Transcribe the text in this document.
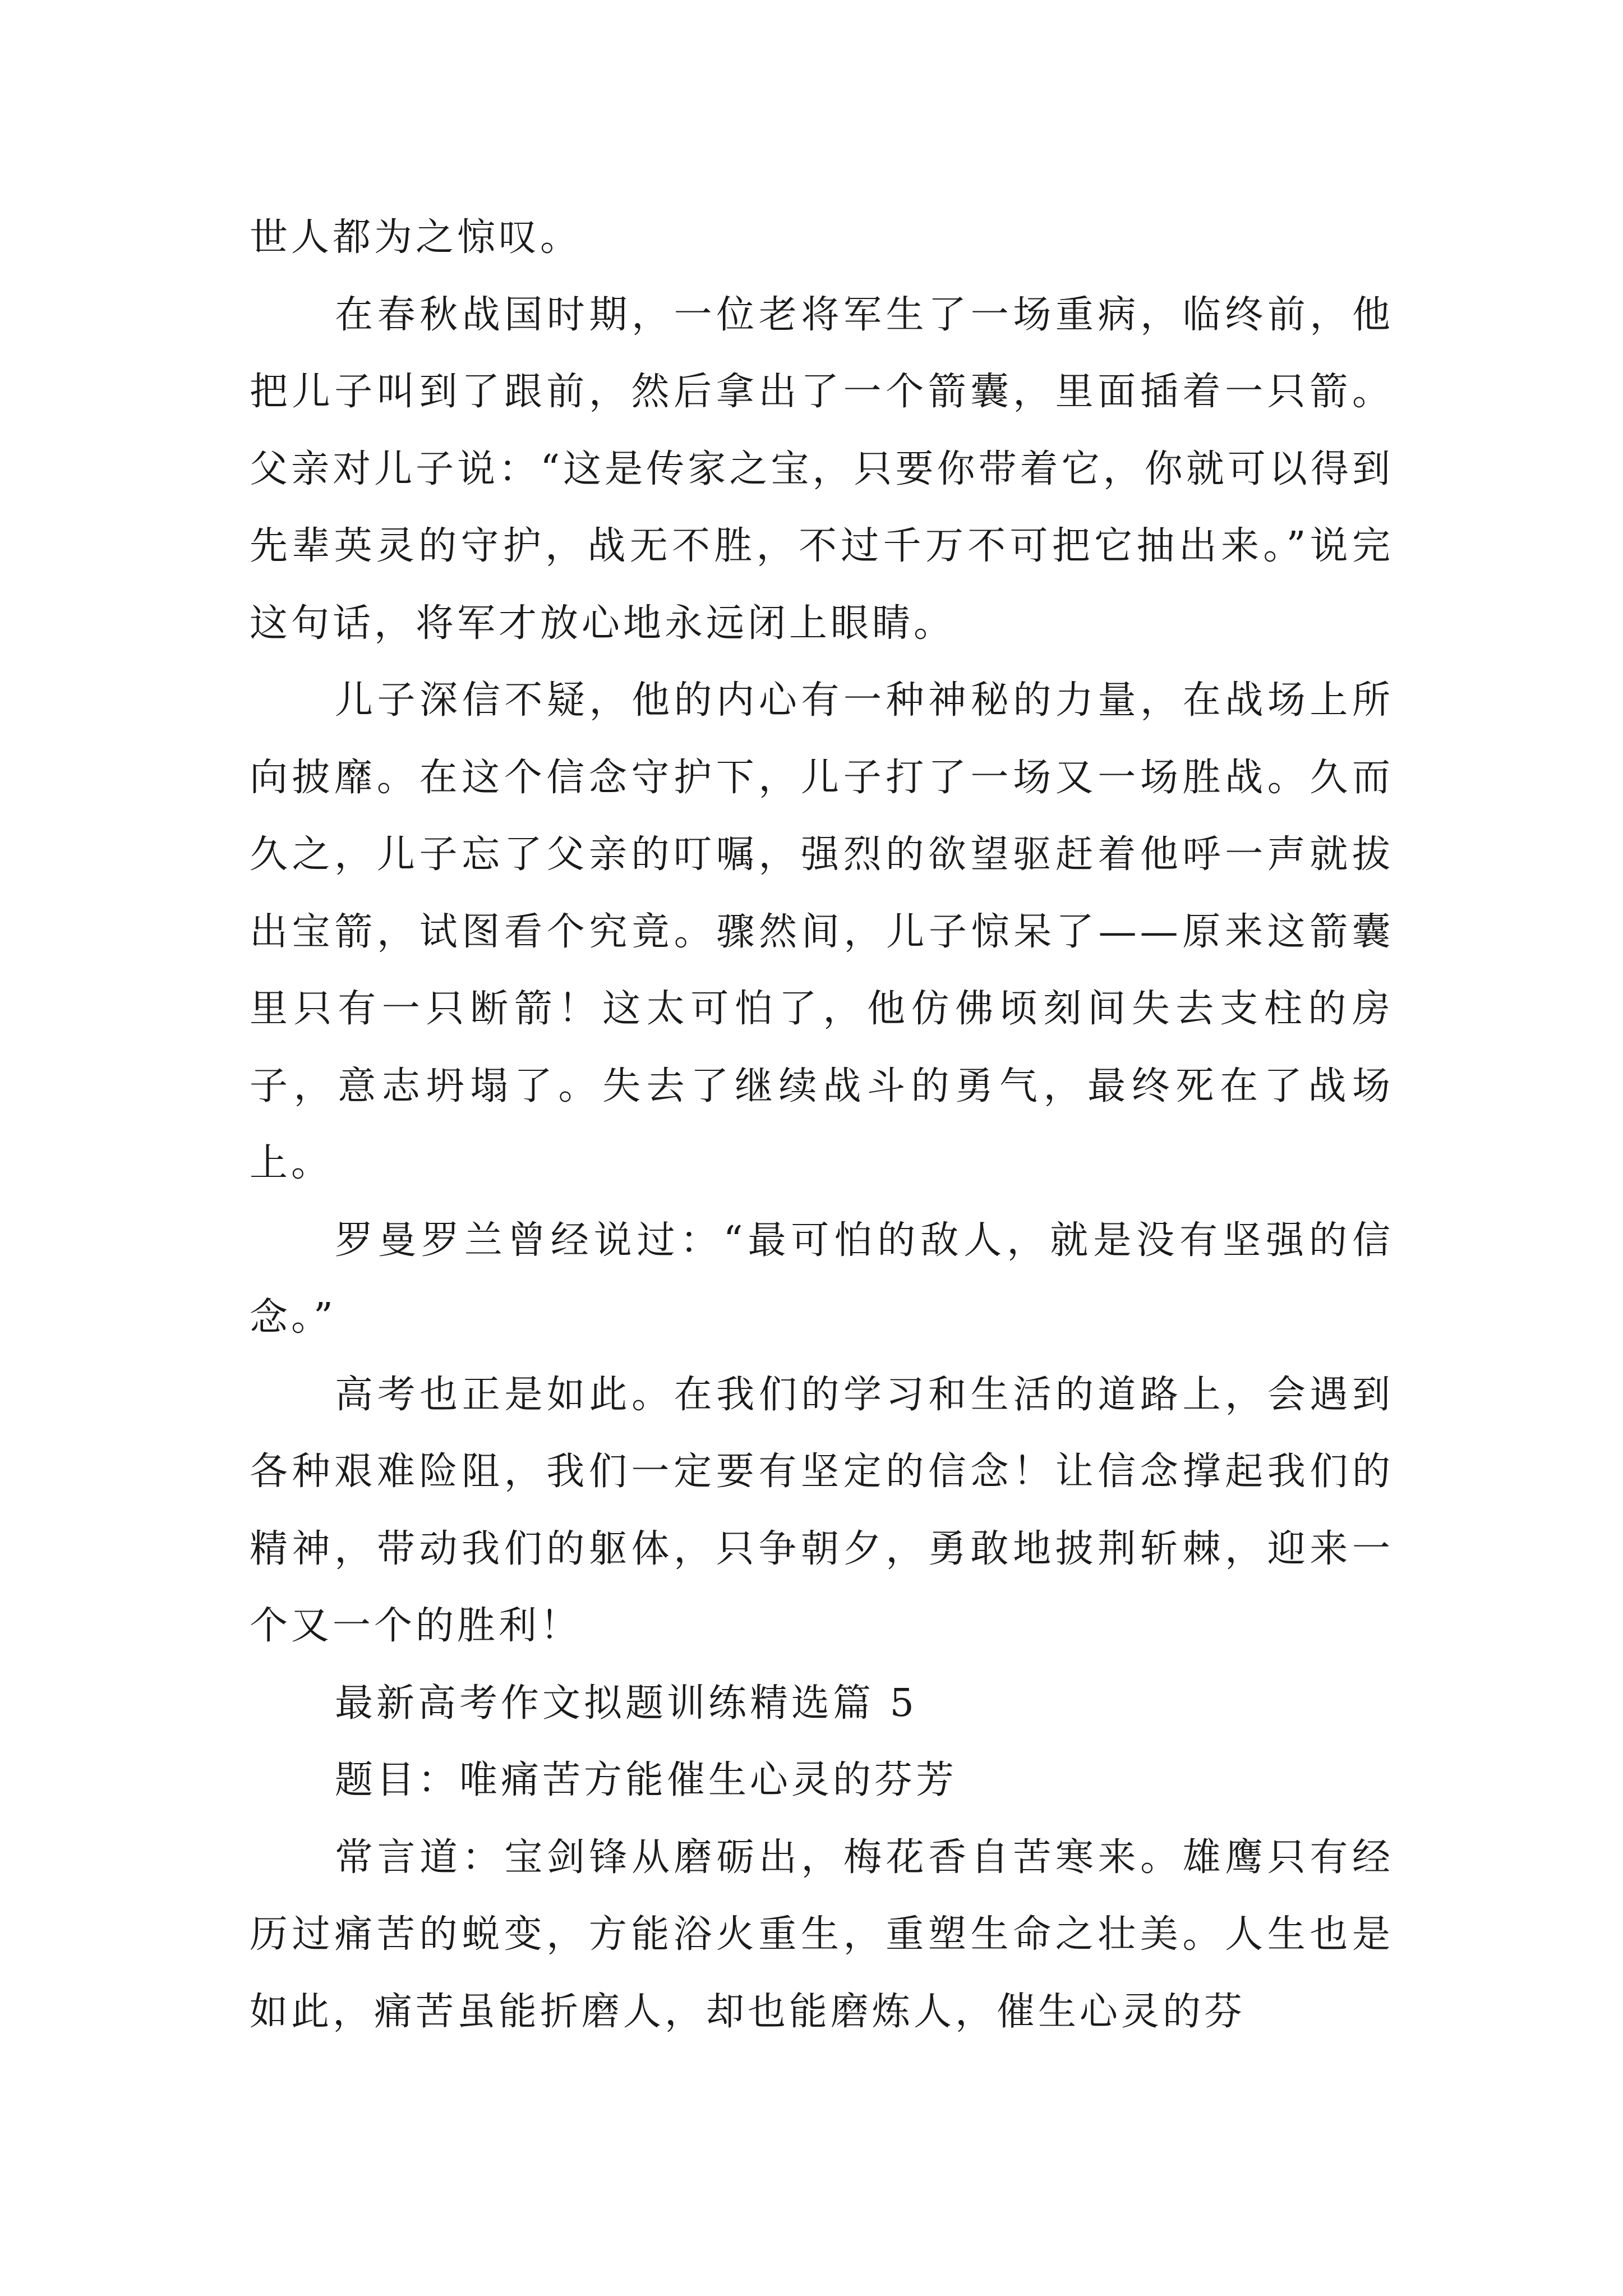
世人都为之惊叹。

在春秋战国时期，一位老将军生了一场重病，临终前，他把儿子叫到了跟前，然后拿出了一个箭囊，里面插着一只箭。父亲对儿子说：“这是传家之宝，只要你带着它，你就可以得到先辈英灵的守护，战无不胜，不过千万不可把它抽出来。”说完这句话，将军才放心地永远闭上眼睛。

儿子深信不疑，他的内心有一种神秘的力量，在战场上所向披靡。在这个信念守护下，儿子打了一场又一场胜战。久而久之，儿子忘了父亲的叮嘱，强烈的欲望驱赶着他呼一声就拔出宝箭，试图看个究竟。骤然间，儿子惊呆了——原来这箭囊里只有一只断箭！这太可怕了，他仿佛顷刻间失去支柱的房子，意志坍塌了。失去了继续战斗的勇气，最终死在了战场上。

罗曼罗兰曾经说过：“最可怕的敌人，就是没有坚强的信念。”

高考也正是如此。在我们的学习和生活的道路上，会遇到各种艰难险阻，我们一定要有坚定的信念！让信念撑起我们的精神，带动我们的躯体，只争朝夕，勇敢地披荆斩棘，迎来一个又一个的胜利！

最新高考作文拟题训练精选篇 5

题目：唯痛苦方能催生心灵的芬芳

常言道：宝剑锋从磨砺出，梅花香自苦寒来。雄鹰只有经历过痛苦的蜕变，方能浴火重生，重塑生命之壮美。人生也是如此，痛苦虽能折磨人，却也能磨炼人，催生心灵的芬
